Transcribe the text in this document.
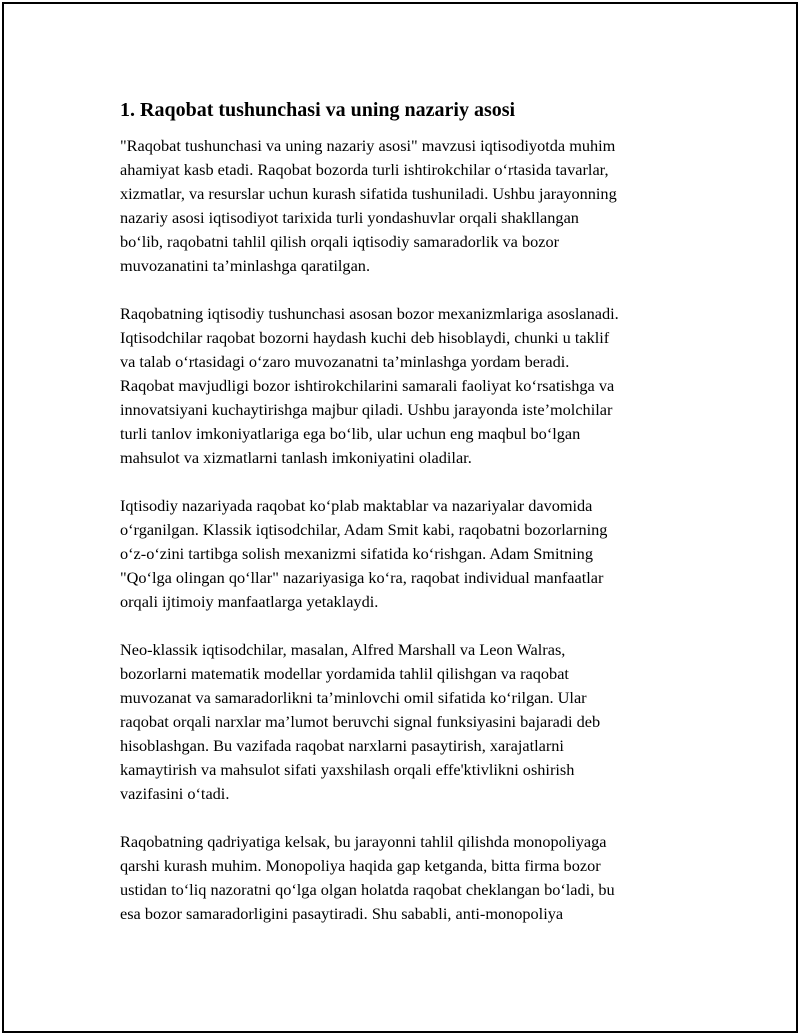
1. Raqobat tushunchasi va uning nazariy asosi
"Raqobat tushunchasi va uning nazariy asosi" mavzusi iqtisodiyotda muhim
ahamiyat kasb etadi. Raqobat bozorda turli ishtirokchilar o‘rtasida tavarlar,
xizmatlar, va resurslar uchun kurash sifatida tushuniladi. Ushbu jarayonning
nazariy asosi iqtisodiyot tarixida turli yondashuvlar orqali shakllangan
bo‘lib, raqobatni tahlil qilish orqali iqtisodiy samaradorlik va bozor
muvozanatini ta’minlashga qaratilgan.
Raqobatning iqtisodiy tushunchasi asosan bozor mexanizmlariga asoslanadi.
Iqtisodchilar raqobat bozorni haydash kuchi deb hisoblaydi, chunki u taklif
va talab o‘rtasidagi o‘zaro muvozanatni ta’minlashga yordam beradi.
Raqobat mavjudligi bozor ishtirokchilarini samarali faoliyat ko‘rsatishga va
innovatsiyani kuchaytirishga majbur qiladi. Ushbu jarayonda iste’molchilar
turli tanlov imkoniyatlariga ega bo‘lib, ular uchun eng maqbul bo‘lgan
mahsulot va xizmatlarni tanlash imkoniyatini oladilar.
Iqtisodiy nazariyada raqobat ko‘plab maktablar va nazariyalar davomida
o‘rganilgan. Klassik iqtisodchilar, Adam Smit kabi, raqobatni bozorlarning
o‘z-o‘zini tartibga solish mexanizmi sifatida ko‘rishgan. Adam Smitning
"Qo‘lga olingan qo‘llar" nazariyasiga ko‘ra, raqobat individual manfaatlar
orqali ijtimoiy manfaatlarga yetaklaydi.
Neo-klassik iqtisodchilar, masalan, Alfred Marshall va Leon Walras,
bozorlarni matematik modellar yordamida tahlil qilishgan va raqobat
muvozanat va samaradorlikni ta’minlovchi omil sifatida ko‘rilgan. Ular
raqobat orqali narxlar ma’lumot beruvchi signal funksiyasini bajaradi deb
hisoblashgan. Bu vazifada raqobat narxlarni pasaytirish, xarajatlarni
kamaytirish va mahsulot sifati yaxshilash orqali effe'ktivlikni oshirish
vazifasini o‘tadi.
Raqobatning qadriyatiga kelsak, bu jarayonni tahlil qilishda monopoliyaga
qarshi kurash muhim. Monopoliya haqida gap ketganda, bitta firma bozor
ustidan to‘liq nazoratni qo‘lga olgan holatda raqobat cheklangan bo‘ladi, bu
esa bozor samaradorligini pasaytiradi. Shu sababli, anti-monopoliya
